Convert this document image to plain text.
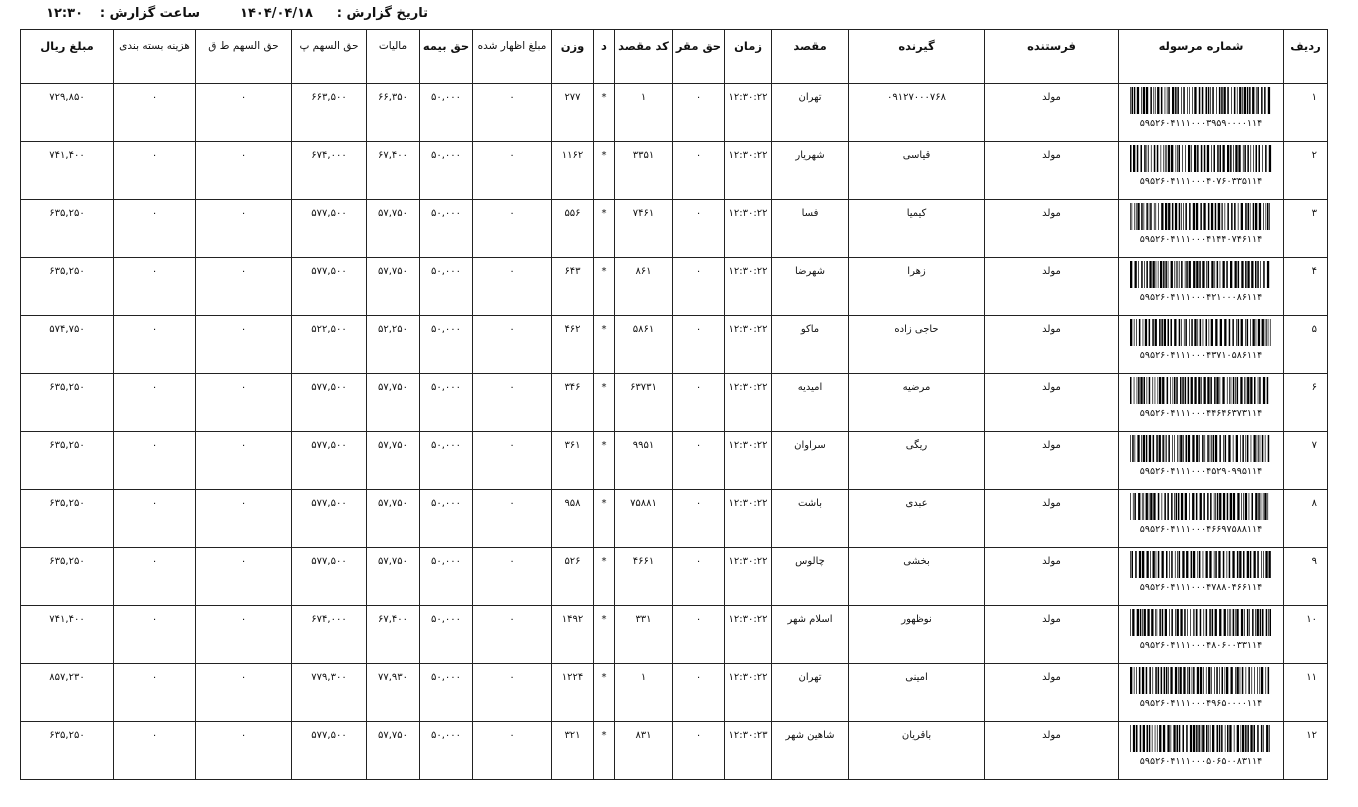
تاریخ گزارش :
۱۴۰۴/۰۴/۱۸
ساعت گزارش :
۱۲:۳۰
ردیف	شماره مرسوله	فرستنده	گیرنده	مقصد	زمان	حق مقر	کد مقصد	د	وزن	مبلغ اظهار شده	حق بیمه	مالیات	حق السهم پ	حق السهم ط ق	هزینه بسته بندی	مبلغ ریال
۱	۵۹۵۲۶۰۴۱۱۱۰۰۰۳۹۵۹۰۰۰۰۱۱۴	مولد	۰۹۱۲۷۰۰۰۷۶۸	تهران	۱۲:۳۰:۲۲	۰	۱	*	۲۷۷	۰	۵۰,۰۰۰	۶۶,۳۵۰	۶۶۳,۵۰۰	۰	۰	۷۲۹,۸۵۰
۲	۵۹۵۲۶۰۴۱۱۱۰۰۰۴۰۷۶۰۳۳۵۱۱۴	مولد	قیاسی	شهریار	۱۲:۳۰:۲۲	۰	۳۳۵۱	*	۱۱۶۲	۰	۵۰,۰۰۰	۶۷,۴۰۰	۶۷۴,۰۰۰	۰	۰	۷۴۱,۴۰۰
۳	۵۹۵۲۶۰۴۱۱۱۰۰۰۴۱۴۴۰۷۴۶۱۱۴	مولد	کیمیا	فسا	۱۲:۳۰:۲۲	۰	۷۴۶۱	*	۵۵۶	۰	۵۰,۰۰۰	۵۷,۷۵۰	۵۷۷,۵۰۰	۰	۰	۶۳۵,۲۵۰
۴	۵۹۵۲۶۰۴۱۱۱۰۰۰۴۲۱۰۰۰۸۶۱۱۴	مولد	زهرا	شهرضا	۱۲:۳۰:۲۲	۰	۸۶۱	*	۶۴۳	۰	۵۰,۰۰۰	۵۷,۷۵۰	۵۷۷,۵۰۰	۰	۰	۶۳۵,۲۵۰
۵	۵۹۵۲۶۰۴۱۱۱۰۰۰۴۳۷۱۰۵۸۶۱۱۴	مولد	حاجی زاده	ماکو	۱۲:۳۰:۲۲	۰	۵۸۶۱	*	۴۶۲	۰	۵۰,۰۰۰	۵۲,۲۵۰	۵۲۲,۵۰۰	۰	۰	۵۷۴,۷۵۰
۶	۵۹۵۲۶۰۴۱۱۱۰۰۰۴۴۶۴۶۳۷۳۱۱۴	مولد	مرضیه	امیدیه	۱۲:۳۰:۲۲	۰	۶۳۷۳۱	*	۳۴۶	۰	۵۰,۰۰۰	۵۷,۷۵۰	۵۷۷,۵۰۰	۰	۰	۶۳۵,۲۵۰
۷	۵۹۵۲۶۰۴۱۱۱۰۰۰۴۵۲۹۰۹۹۵۱۱۴	مولد	ریگی	سراوان	۱۲:۳۰:۲۲	۰	۹۹۵۱	*	۳۶۱	۰	۵۰,۰۰۰	۵۷,۷۵۰	۵۷۷,۵۰۰	۰	۰	۶۳۵,۲۵۰
۸	۵۹۵۲۶۰۴۱۱۱۰۰۰۴۶۶۹۷۵۸۸۱۱۴	مولد	عبدی	باشت	۱۲:۳۰:۲۲	۰	۷۵۸۸۱	*	۹۵۸	۰	۵۰,۰۰۰	۵۷,۷۵۰	۵۷۷,۵۰۰	۰	۰	۶۳۵,۲۵۰
۹	۵۹۵۲۶۰۴۱۱۱۰۰۰۴۷۸۸۰۴۶۶۱۱۴	مولد	بخشی	چالوس	۱۲:۳۰:۲۲	۰	۴۶۶۱	*	۵۲۶	۰	۵۰,۰۰۰	۵۷,۷۵۰	۵۷۷,۵۰۰	۰	۰	۶۳۵,۲۵۰
۱۰	۵۹۵۲۶۰۴۱۱۱۰۰۰۴۸۰۶۰۰۳۳۱۱۴	مولد	نوظهور	اسلام شهر	۱۲:۳۰:۲۲	۰	۳۳۱	*	۱۴۹۲	۰	۵۰,۰۰۰	۶۷,۴۰۰	۶۷۴,۰۰۰	۰	۰	۷۴۱,۴۰۰
۱۱	۵۹۵۲۶۰۴۱۱۱۰۰۰۴۹۶۵۰۰۰۰۱۱۴	مولد	امینی	تهران	۱۲:۳۰:۲۲	۰	۱	*	۱۲۲۴	۰	۵۰,۰۰۰	۷۷,۹۳۰	۷۷۹,۳۰۰	۰	۰	۸۵۷,۲۳۰
۱۲	۵۹۵۲۶۰۴۱۱۱۰۰۰۵۰۶۵۰۰۸۳۱۱۴	مولد	باقریان	شاهین شهر	۱۲:۳۰:۲۳	۰	۸۳۱	*	۳۲۱	۰	۵۰,۰۰۰	۵۷,۷۵۰	۵۷۷,۵۰۰	۰	۰	۶۳۵,۲۵۰
